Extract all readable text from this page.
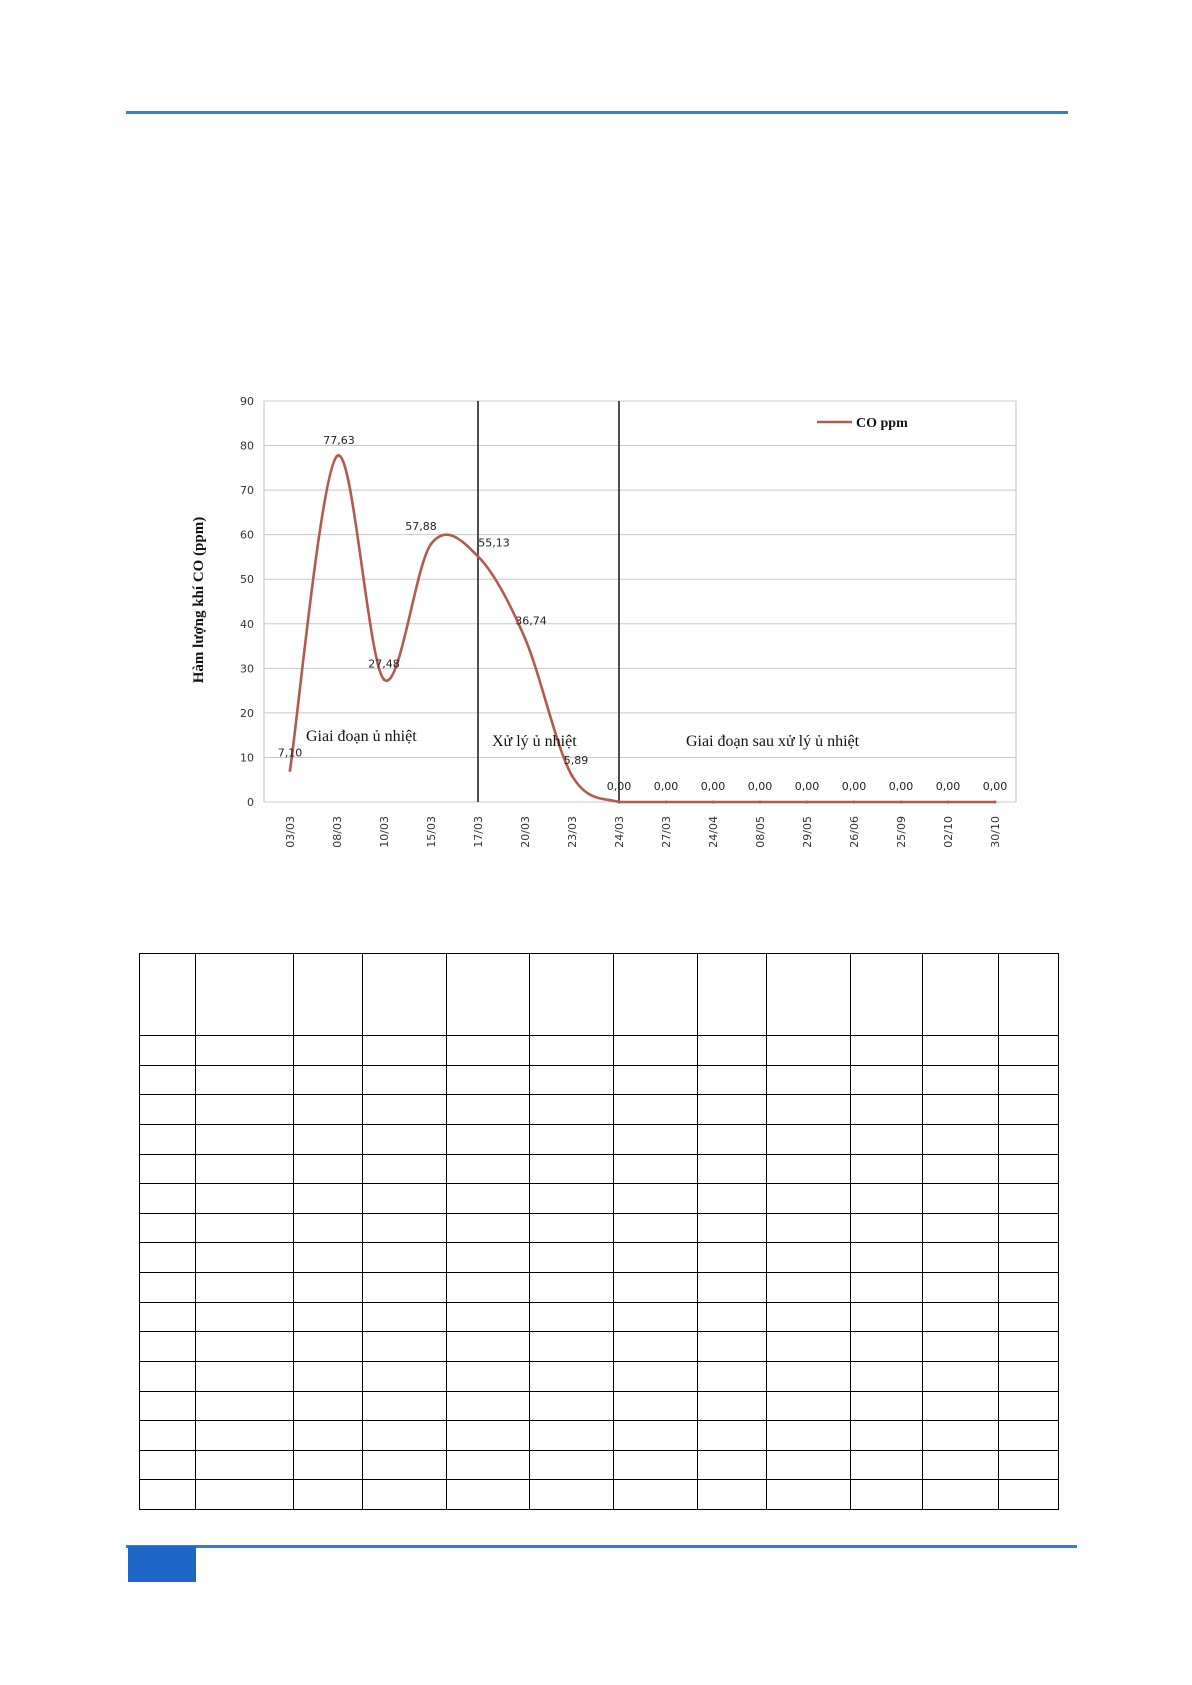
0
10
20
30
40
50
60
70
80
90
03/03	08/03	10/03	15/03	17/03	20/03	23/03	24/03	27/03	24/04	08/05	29/05	26/06	25/09	02/10	30/10
7,10
77,63
27,48
57,88
55,13
36,74
5,89
0,00 0,00 0,00 0,00 0,00 0,00 0,00 0,00 0,00
CO ppm
Giai đoạn ủ nhiệt	Xử lý ủ nhiệt	Giai đoạn sau xử lý ủ nhiệt
Hàm lượng khí CO (ppm)
